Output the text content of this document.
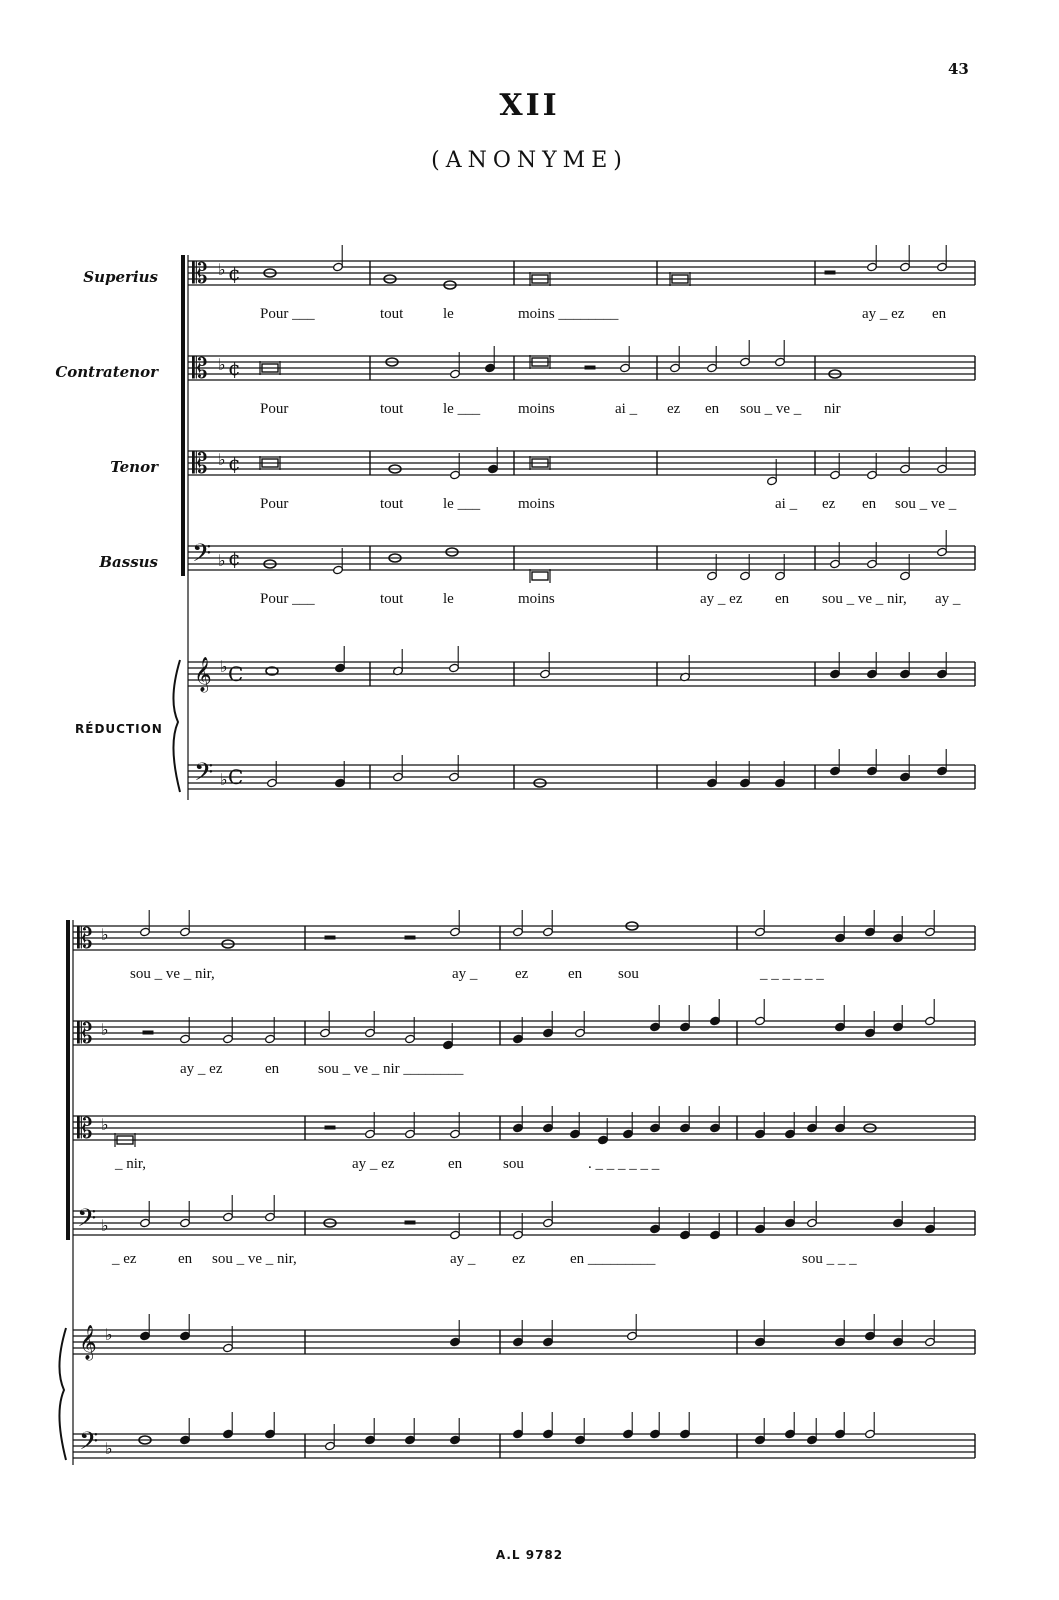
43
XII
(ANONYME)
Superius
Contratenor
Tenor
Bassus
RÉDUCTION
Pour ___	tout	le	moins ________	ay _ ez en
Pour	tout	le ___	moins	ai _ ez en sou _ ve _ nir
Pour	tout	le ___	moins	ai _ ez en sou _ ve _
Pour ___	tout	le	moins	ay _ ez en sou _ ve _ nir, ay _
sou _ ve _ nir,	ay _	ez	en sou	_ _ _ _ _ _
ay _ ez	en	sou _ ve _ nir ________
_ nir,	ay _ ez	en	sou	. _ _ _ _ _ _
_ ez	en sou _ ve _ nir,	ay _ ez	en _________	sou _ _ _
𝄡 ♭ ¢
𝄡 ♭ ¢
𝄡 ♭ ¢
𝄢 ♭ ¢
𝄞 ♭ C
𝄢 ♭ C
𝄡 ♭
𝄡 ♭
𝄡 ♭
𝄢 ♭
𝄞 ♭
𝄢 ♭
A.L 9782
